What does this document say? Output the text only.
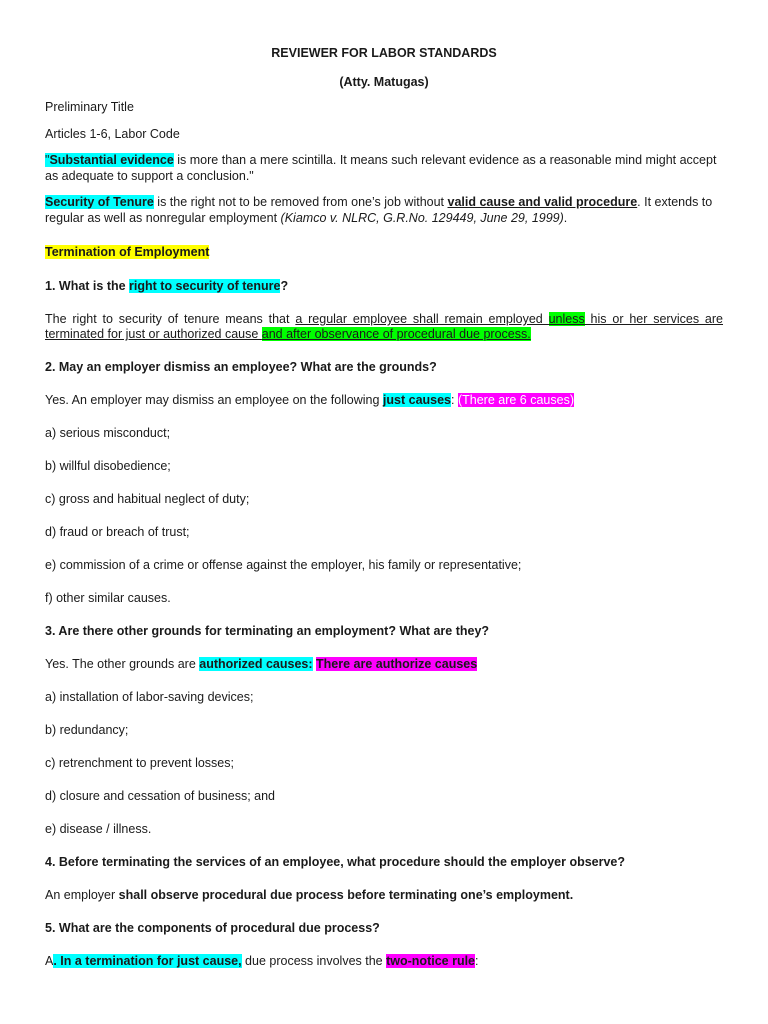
REVIEWER FOR LABOR STANDARDS
(Atty. Matugas)
Preliminary Title
Articles 1-6, Labor Code
"Substantial evidence is more than a mere scintilla. It means such relevant evidence as a reasonable mind might accept
as adequate to support a conclusion."
Security of Tenure is the right not to be removed from one’s job without valid cause and valid procedure. It extends to
regular as well as nonregular employment (Kiamco v. NLRC, G.R.No. 129449, June 29, 1999).
Termination of Employment
1. What is the right to security of tenure?
The right to security of tenure means that a regular employee shall remain employed unless his or her services are
terminated for just or authorized cause and after observance of procedural due process.
2. May an employer dismiss an employee? What are the grounds?
Yes. An employer may dismiss an employee on the following just causes: (There are 6 causes)
a) serious misconduct;
b) willful disobedience;
c) gross and habitual neglect of duty;
d) fraud or breach of trust;
e) commission of a crime or offense against the employer, his family or representative;
f) other similar causes.
3. Are there other grounds for terminating an employment? What are they?
Yes. The other grounds are authorized causes: There are authorize causes
a) installation of labor-saving devices;
b) redundancy;
c) retrenchment to prevent losses;
d) closure and cessation of business; and
e) disease / illness.
4. Before terminating the services of an employee, what procedure should the employer observe?
An employer shall observe procedural due process before terminating one’s employment.
5. What are the components of procedural due process?
A. In a termination for just cause, due process involves the two-notice rule:
